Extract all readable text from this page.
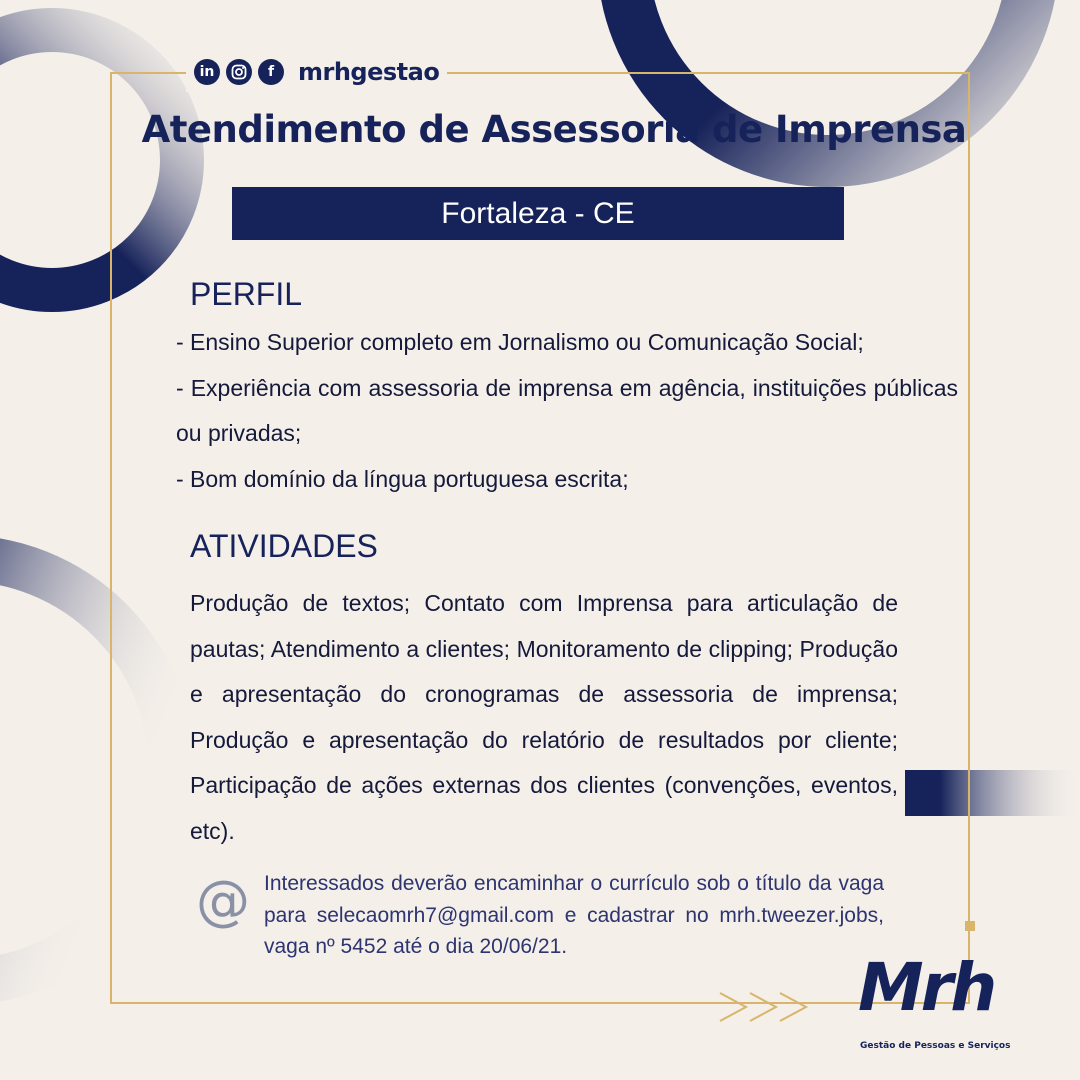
in	f mrhgestao
Atendimento de Assessoria de Imprensa
Fortaleza - CE
PERFIL

- Ensino Superior completo em Jornalismo ou Comunicação Social;

- Experiência com assessoria de imprensa em agência, instituições públicas ou privadas;

- Bom domínio da língua portuguesa escrita;

ATIVIDADES
Produção de textos; Contato com Imprensa para articulação de pautas; Atendimento a clientes; Monitoramento de clipping; Produção e apresentação do cronogramas de assessoria de imprensa; Produção e apresentação do relatório de resultados por cliente; Participação de ações externas dos clientes (convenções, eventos, etc).
@ Interessados deverão encaminhar o currículo sob o título da vaga para selecaomrh7@gmail.com e cadastrar no mrh.tweezer.jobs, vaga nº 5452 até o dia 20/06/21.
Mrh
Gestão de Pessoas e Serviços
